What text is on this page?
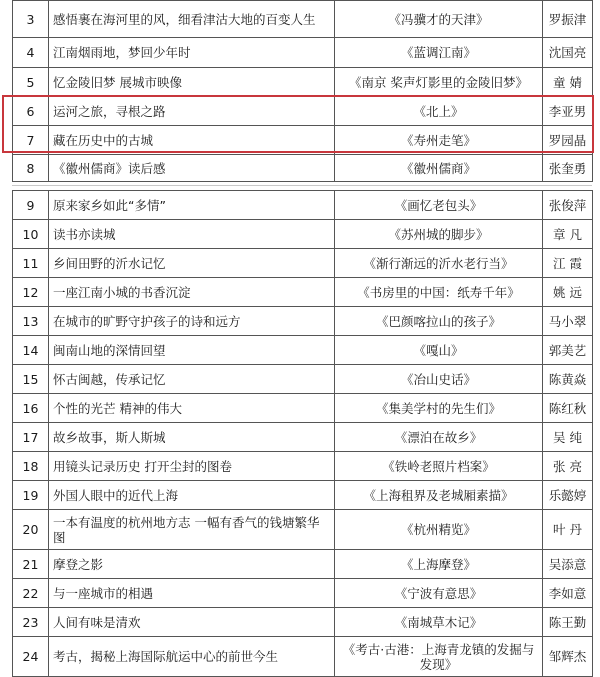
3	感悟裹在海河里的风，细看津沽大地的百变人生	《冯骥才的天津》	罗振津
4	江南烟雨地，梦回少年时	《蓝调江南》	沈国亮
5	忆金陵旧梦 展城市映像	《南京 桨声灯影里的金陵旧梦》	童 婧
6	运河之旅，寻根之路	《北上》	李亚男
7	藏在历史中的古城	《寿州走笔》	罗园晶
8	《徽州儒商》读后感	《徽州儒商》	张奎勇
9	原来家乡如此“多情”	《画忆老包头》	张俊萍
10	读书亦读城	《苏州城的脚步》	章 凡
11	乡间田野的沂水记忆	《渐行渐远的沂水老行当》	江 霞
12	一座江南小城的书香沉淀	《书房里的中国：纸寿千年》	姚 远
13	在城市的旷野守护孩子的诗和远方	《巴颜喀拉山的孩子》	马小翠
14	闽南山地的深情回望	《嘎山》	郭美艺
15	怀古闽越，传承记忆	《冶山史话》	陈黄焱
16	个性的光芒 精神的伟大	《集美学村的先生们》	陈红秋
17	故乡故事，斯人斯城	《漂泊在故乡》	吴 纯
18	用镜头记录历史 打开尘封的图卷	《铁岭老照片档案》	张 亮
19	外国人眼中的近代上海	《上海租界及老城厢素描》	乐懿婷
20	一本有温度的杭州地方志 一幅有香气的钱塘繁华图	《杭州精览》	叶 丹
21	摩登之影	《上海摩登》	吴添意
22	与一座城市的相遇	《宁波有意思》	李如意
23	人间有味是清欢	《南城草木记》	陈王勤
24	考古，揭秘上海国际航运中心的前世今生	《考古·古港：上海青龙镇的发掘与发现》	邹辉杰
